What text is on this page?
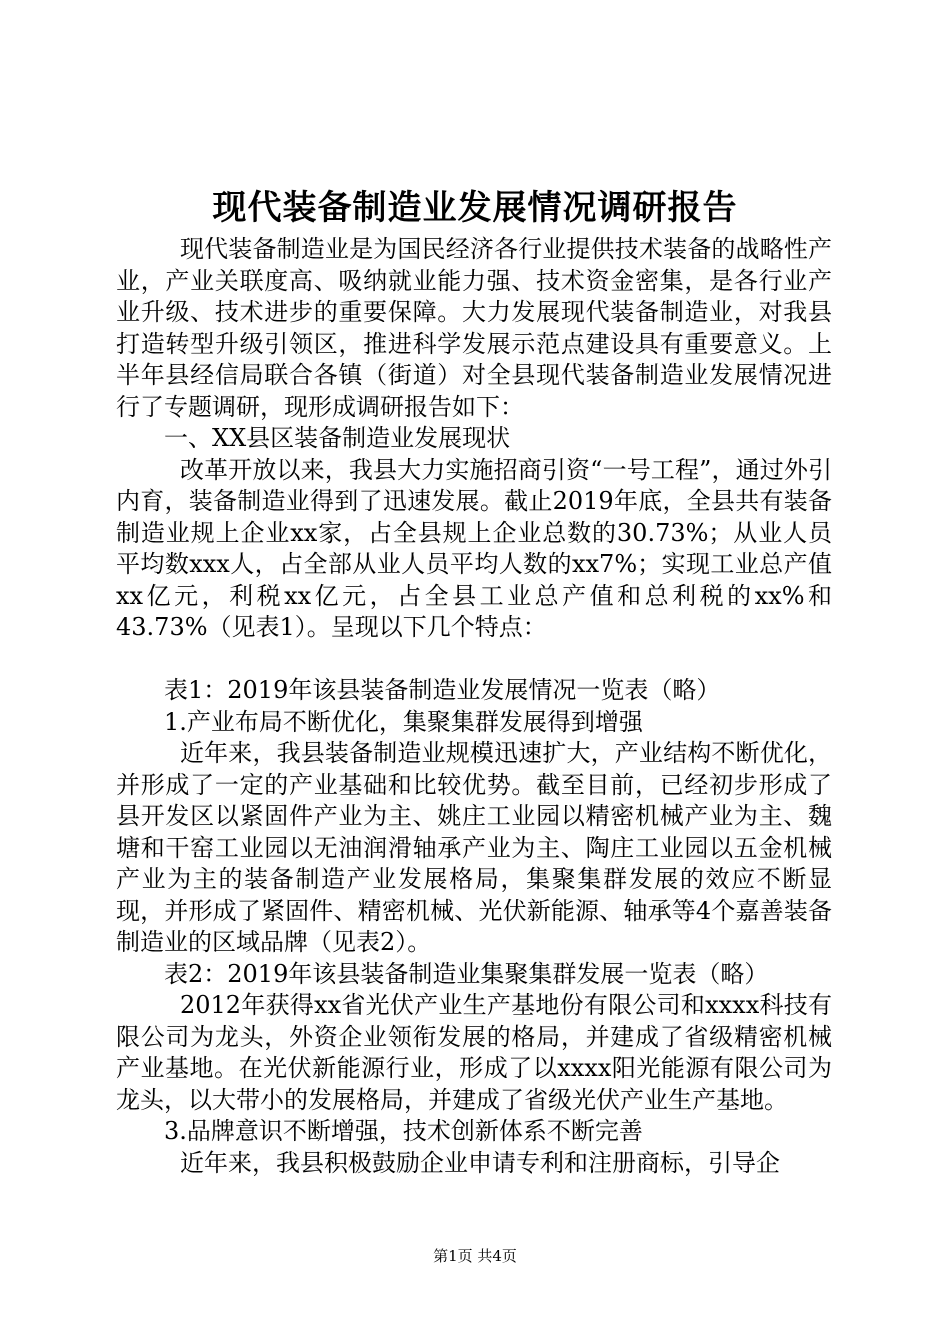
现代装备制造业发展情况调研报告

现代装备制造业是为国民经济各行业提供技术装备的战略性产业，产业关联度高、吸纳就业能力强、技术资金密集，是各行业产业升级、技术进步的重要保障。大力发展现代装备制造业，对我县打造转型升级引领区，推进科学发展示范点建设具有重要意义。上半年县经信局联合各镇（街道）对全县现代装备制造业发展情况进行了专题调研，现形成调研报告如下：

一、XX县区装备制造业发展现状

改革开放以来，我县大力实施招商引资“一号工程”，通过外引内育，装备制造业得到了迅速发展。截止2019年底，全县共有装备制造业规上企业xx家，占全县规上企业总数的30.73%；从业人员平均数xxx人，占全部从业人员平均人数的xx7%；实现工业总产值xx亿元，利税xx亿元，占全县工业总产值和总利税的xx%和43.73%（见表1）。呈现以下几个特点：

表1：2019年该县装备制造业发展情况一览表（略）

1.产业布局不断优化，集聚集群发展得到增强

近年来，我县装备制造业规模迅速扩大，产业结构不断优化，并形成了一定的产业基础和比较优势。截至目前，已经初步形成了县开发区以紧固件产业为主、姚庄工业园以精密机械产业为主、魏塘和干窑工业园以无油润滑轴承产业为主、陶庄工业园以五金机械产业为主的装备制造产业发展格局，集聚集群发展的效应不断显现，并形成了紧固件、精密机械、光伏新能源、轴承等4个嘉善装备制造业的区域品牌（见表2）。

表2：2019年该县装备制造业集聚集群发展一览表（略）

2012年获得xx省光伏产业生产基地份有限公司和xxxx科技有限公司为龙头，外资企业领衔发展的格局，并建成了省级精密机械产业基地。在光伏新能源行业，形成了以xxxx阳光能源有限公司为龙头，以大带小的发展格局，并建成了省级光伏产业生产基地。

3.品牌意识不断增强，技术创新体系不断完善

近年来，我县积极鼓励企业申请专利和注册商标，引导企

第1页 共4页
